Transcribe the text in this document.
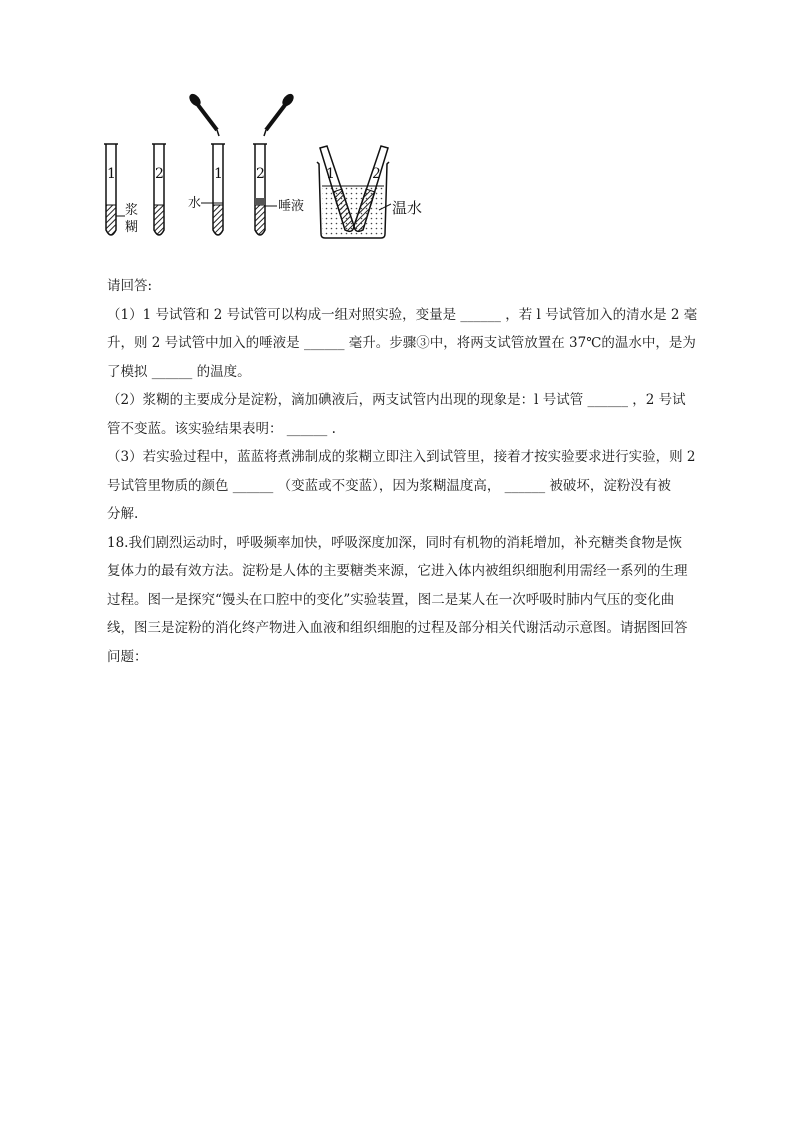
1	2
浆
糊
1
水
2
唾液
1	2
温水

请回答:

（1）1 号试管和 2 号试管可以构成一组对照实验，变量是 ______ ，若 l 号试管加入的清水是 2 毫

升，则 2 号试管中加入的唾液是 ______ 毫升。步骤③中，将两支试管放置在 37℃的温水中，是为

了模拟 ______ 的温度。

（2）浆糊的主要成分是淀粉，滴加碘液后，两支试管内出现的现象是：l 号试管 ______ ，2 号试

管不变蓝。该实验结果表明： ______ .

（3）若实验过程中，蓝蓝将煮沸制成的浆糊立即注入到试管里，接着才按实验要求进行实验，则 2

号试管里物质的颜色 ______ （变蓝或不变蓝），因为浆糊温度高， ______ 被破坏，淀粉没有被

分解.

18.我们剧烈运动时，呼吸频率加快，呼吸深度加深，同时有机物的消耗增加，补充糖类食物是恢

复体力的最有效方法。淀粉是人体的主要糖类来源，它进入体内被组织细胞利用需经一系列的生理

过程。图一是探究“馒头在口腔中的变化”实验装置，图二是某人在一次呼吸时肺内气压的变化曲

线，图三是淀粉的消化终产物进入血液和组织细胞的过程及部分相关代谢活动示意图。请据图回答

问题：
